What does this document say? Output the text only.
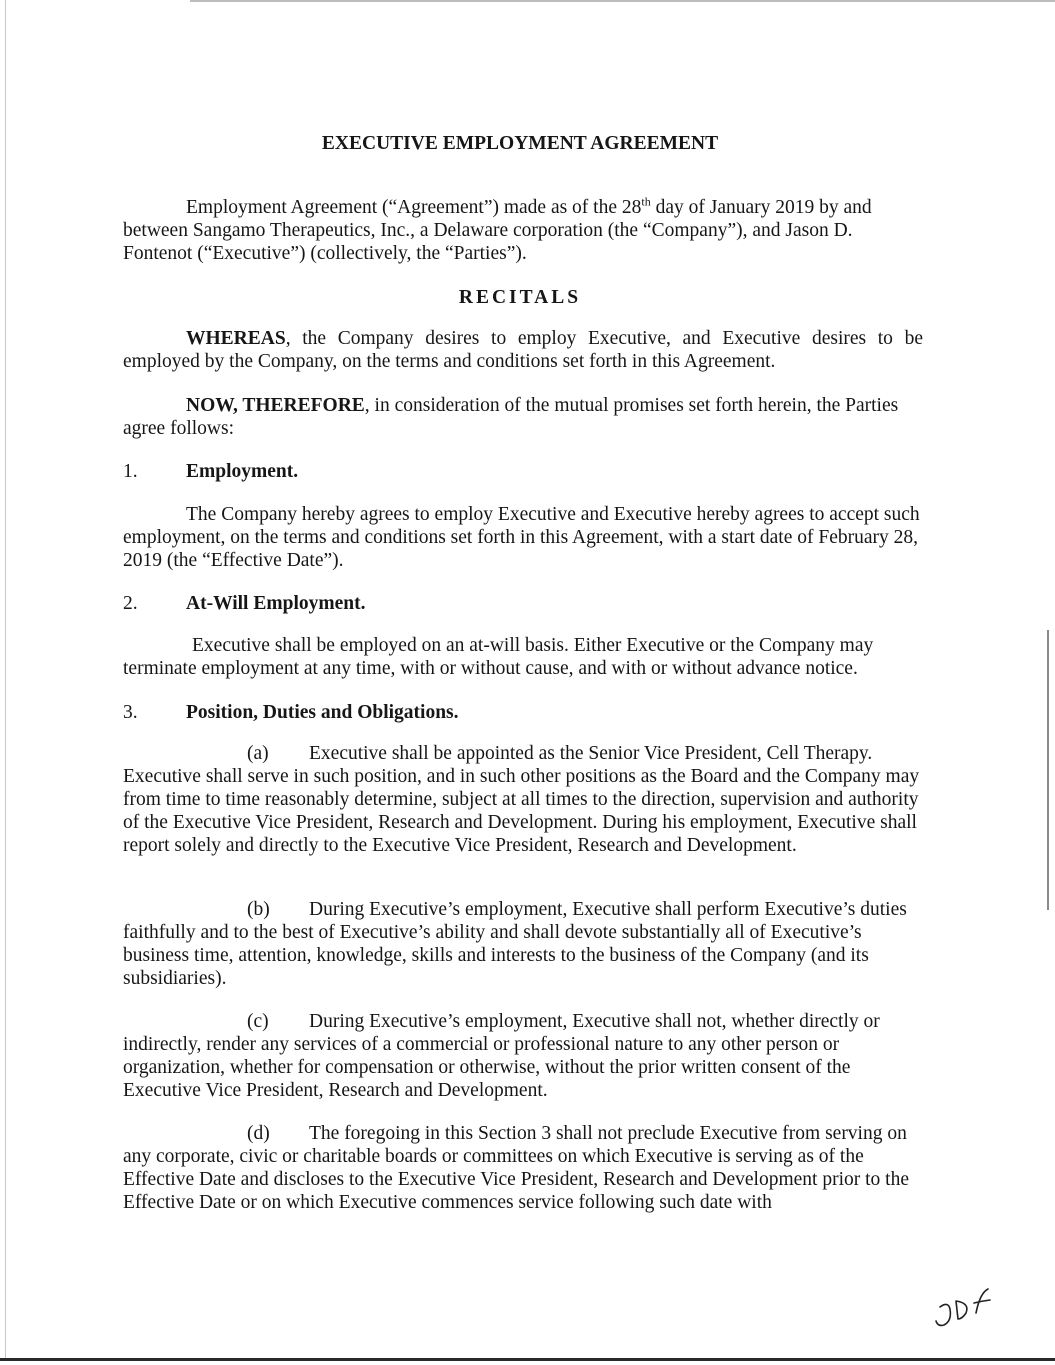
EXECUTIVE EMPLOYMENT AGREEMENT

Employment Agreement (“Agreement”) made as of the 28th day of January 2019 by and between Sangamo Therapeutics, Inc., a Delaware corporation (the “Company”), and Jason D. Fontenot (“Executive”) (collectively, the “Parties”).

RECITALS

WHEREAS, the Company desires to employ Executive, and Executive desires to be employed by the Company, on the terms and conditions set forth in this Agreement.

NOW, THEREFORE, in consideration of the mutual promises set forth herein, the Parties agree follows:

1. Employment.

The Company hereby agrees to employ Executive and Executive hereby agrees to accept such employment, on the terms and conditions set forth in this Agreement, with a start date of February 28, 2019 (the “Effective Date”).

2. At-Will Employment.

Executive shall be employed on an at-will basis. Either Executive or the Company may terminate employment at any time, with or without cause, and with or without advance notice.

3. Position, Duties and Obligations.

(a) Executive shall be appointed as the Senior Vice President, Cell Therapy. Executive shall serve in such position, and in such other positions as the Board and the Company may from time to time reasonably determine, subject at all times to the direction, supervision and authority of the Executive Vice President, Research and Development. During his employment, Executive shall report solely and directly to the Executive Vice President, Research and Development.

(b) During Executive’s employment, Executive shall perform Executive’s duties faithfully and to the best of Executive’s ability and shall devote substantially all of Executive’s business time, attention, knowledge, skills and interests to the business of the Company (and its subsidiaries).

(c) During Executive’s employment, Executive shall not, whether directly or indirectly, render any services of a commercial or professional nature to any other person or organization, whether for compensation or otherwise, without the prior written consent of the Executive Vice President, Research and Development.

(d) The foregoing in this Section 3 shall not preclude Executive from serving on any corporate, civic or charitable boards or committees on which Executive is serving as of the Effective Date and discloses to the Executive Vice President, Research and Development prior to the Effective Date or on which Executive commences service following such date with
